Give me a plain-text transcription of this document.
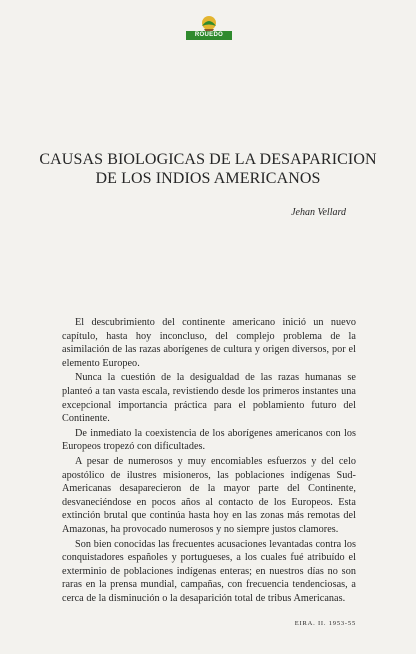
ROUEDO
CAUSAS BIOLOGICAS DE LA DESAPARICION
DE LOS INDIOS AMERICANOS
Jehan Vellard

El descubrimiento del continente americano inició un nuevo capítulo, hasta hoy inconcluso, del complejo problema de la asimilación de las razas aborígenes de cultura y origen diversos, por el elemento Europeo.

Nunca la cuestión de la desigualdad de las razas humanas se planteó a tan vasta escala, revistiendo desde los primeros instantes una excepcional importancia práctica para el poblamiento futuro del Continente.

De inmediato la coexistencia de los aborígenes americanos con los Europeos tropezó con dificultades.

A pesar de numerosos y muy encomiables esfuerzos y del celo apostólico de ilustres misioneros, las poblaciones indígenas Sud-Americanas desaparecieron de la mayor parte del Continente, desvaneciéndose en pocos años al contacto de los Europeos. Esta extinción brutal que continúa hasta hoy en las zonas más remotas del Amazonas, ha provocado numerosos y no siempre justos clamores.

Son bien conocidas las frecuentes acusaciones levantadas contra los conquistadores españoles y portugueses, a los cuales fué atribuído el exterminio de poblaciones indígenas enteras; en nuestros días no son raras en la prensa mundial, campañas, con frecuencia tendenciosas, a cerca de la disminución o la desaparición total de tribus Americanas.

EIRA. II. 1953-55
